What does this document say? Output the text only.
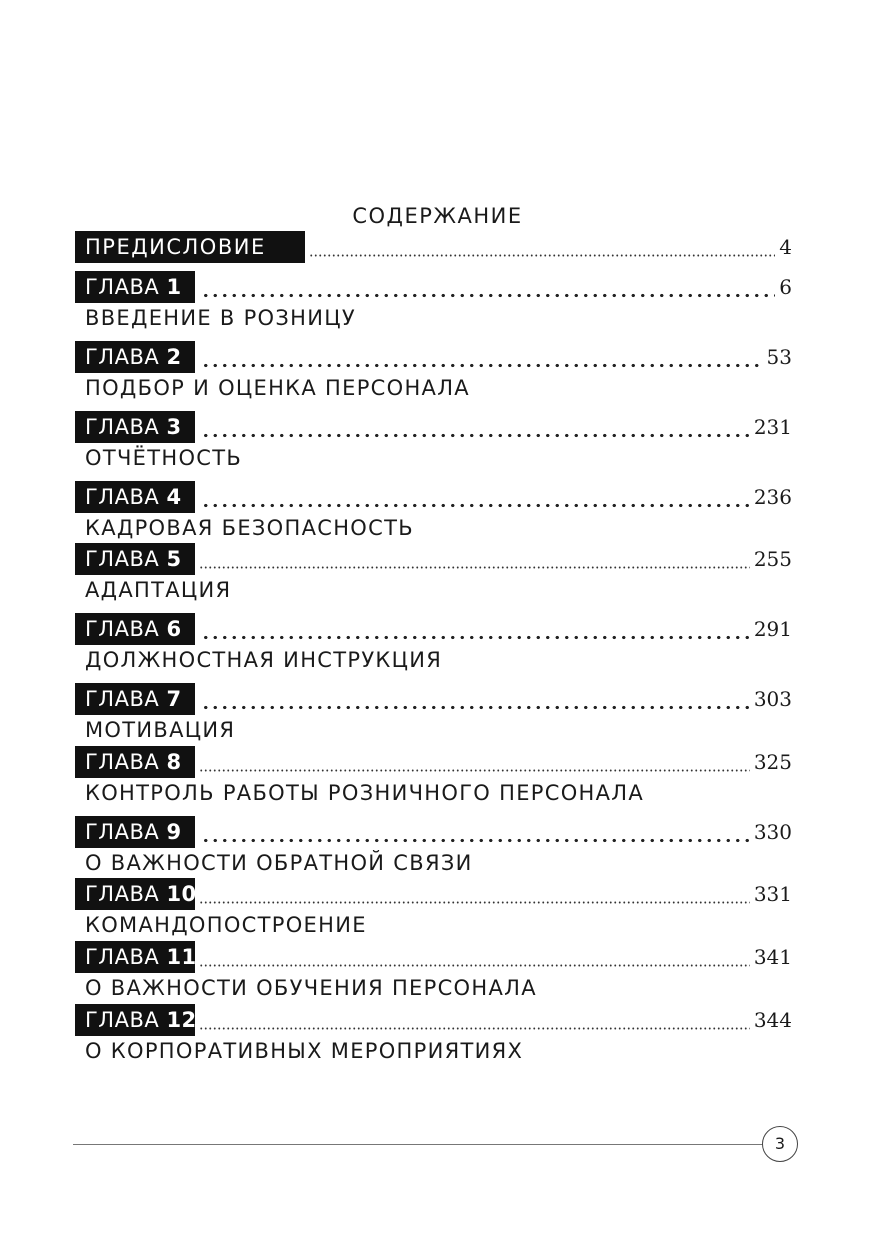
СОДЕРЖАНИЕ
ПРЕДИСЛОВИЕ	4
ГЛАВА 1	6
ВВЕДЕНИЕ В РОЗНИЦУ
ГЛАВА 2	53
ПОДБОР И ОЦЕНКА ПЕРСОНАЛА
ГЛАВА 3	231
ОТЧЁТНОСТЬ
ГЛАВА 4	236
КАДРОВАЯ БЕЗОПАСНОСТЬ
ГЛАВА 5	255
АДАПТАЦИЯ
ГЛАВА 6	291
ДОЛЖНОСТНАЯ ИНСТРУКЦИЯ
ГЛАВА 7	303
МОТИВАЦИЯ
ГЛАВА 8	325
КОНТРОЛЬ РАБОТЫ РОЗНИЧНОГО ПЕРСОНАЛА
ГЛАВА 9	330
О ВАЖНОСТИ ОБРАТНОЙ СВЯЗИ
ГЛАВА 10	331
КОМАНДОПОСТРОЕНИЕ
ГЛАВА 11	341
О ВАЖНОСТИ ОБУЧЕНИЯ ПЕРСОНАЛА
ГЛАВА 12	344
О КОРПОРАТИВНЫХ МЕРОПРИЯТИЯХ
3
